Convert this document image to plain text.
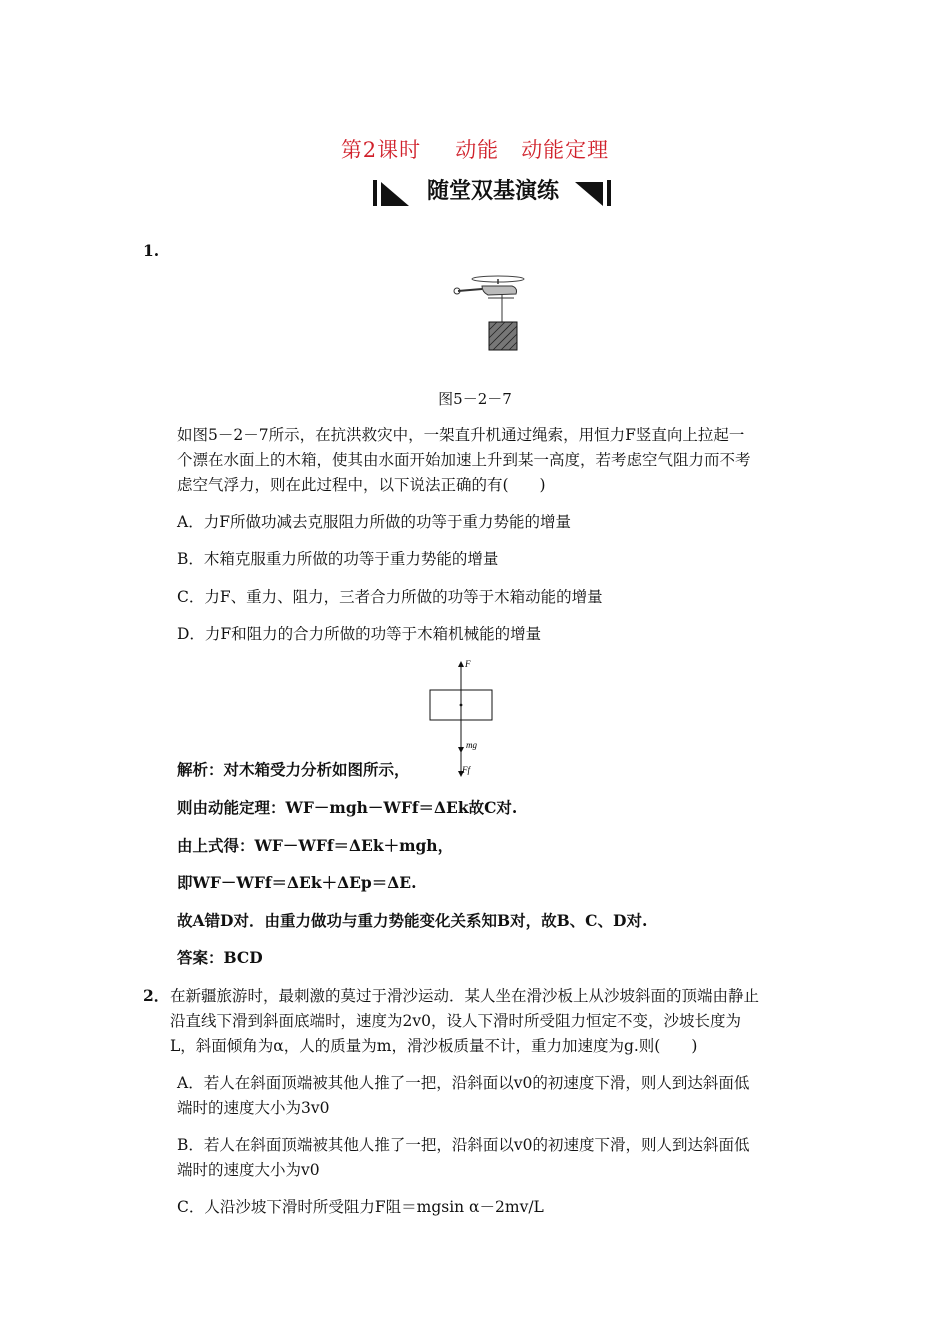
第2课时 动能 动能定理
随堂双基演练
1.
图5－2－7
如图5－2－7所示，在抗洪救灾中，一架直升机通过绳索，用恒力F竖直向上拉起一
个漂在水面上的木箱，使其由水面开始加速上升到某一高度，若考虑空气阻力而不考
虑空气浮力，则在此过程中，以下说法正确的有(　　)
A．力F所做功减去克服阻力所做的功等于重力势能的增量
B．木箱克服重力所做的功等于重力势能的增量
C．力F、重力、阻力，三者合力所做的功等于木箱动能的增量
D．力F和阻力的合力所做的功等于木箱机械能的增量
F
mg
Ff
解析：对木箱受力分析如图所示，
则由动能定理：WF－mgh－WFf＝ΔEk故C对.
由上式得：WF－WFf＝ΔEk＋mgh，
即WF－WFf＝ΔEk＋ΔEp＝ΔE.
故A错D对．由重力做功与重力势能变化关系知B对，故B、C、D对.
答案：BCD
2． 在新疆旅游时，最刺激的莫过于滑沙运动．某人坐在滑沙板上从沙坡斜面的顶端由静止
沿直线下滑到斜面底端时，速度为2v0，设人下滑时所受阻力恒定不变，沙坡长度为
L，斜面倾角为α，人的质量为m，滑沙板质量不计，重力加速度为g.则(　　)
A．若人在斜面顶端被其他人推了一把，沿斜面以v0的初速度下滑，则人到达斜面低
端时的速度大小为3v0
B．若人在斜面顶端被其他人推了一把，沿斜面以v0的初速度下滑，则人到达斜面低
端时的速度大小为v0
C．人沿沙坡下滑时所受阻力F阻＝mgsin α－2mv/L
